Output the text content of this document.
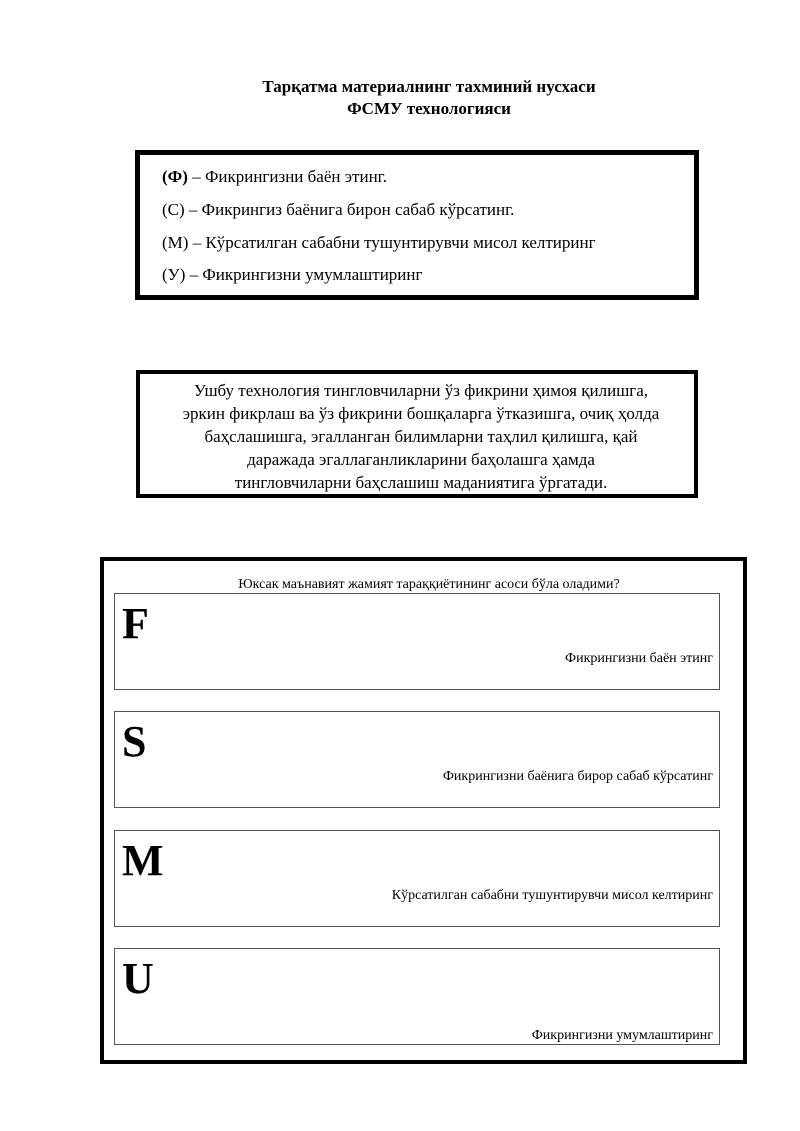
Тарқатма материалнинг тахминий нусхаси
ФСМУ технологияси
(Ф) – Фикрингизни баён этинг.
(С) – Фикрингиз баёнига бирон сабаб кўрсатинг.
(М) – Кўрсатилган сабабни тушунтирувчи мисол келтиринг
(У) – Фикрингизни умумлаштиринг
Ушбу технология тингловчиларни ўз фикрини ҳимоя қилишга,
эркин фикрлаш ва ўз фикрини бошқаларга ўтказишга, очиқ ҳолда
баҳслашишга, эгалланган билимларни таҳлил қилишга, қай
даражада эгаллаганликларини баҳолашга ҳамда
тингловчиларни баҳслашиш маданиятига ўргатади.
Юксак маънавият жамият тараққиётининг асоси бўла оладими?
F
Фикрингизни баён этинг
S
Фикрингизни баёнига бирор сабаб кўрсатинг
M
Кўрсатилган сабабни тушунтирувчи мисол келтиринг
U
Фикрингизни умумлаштиринг
